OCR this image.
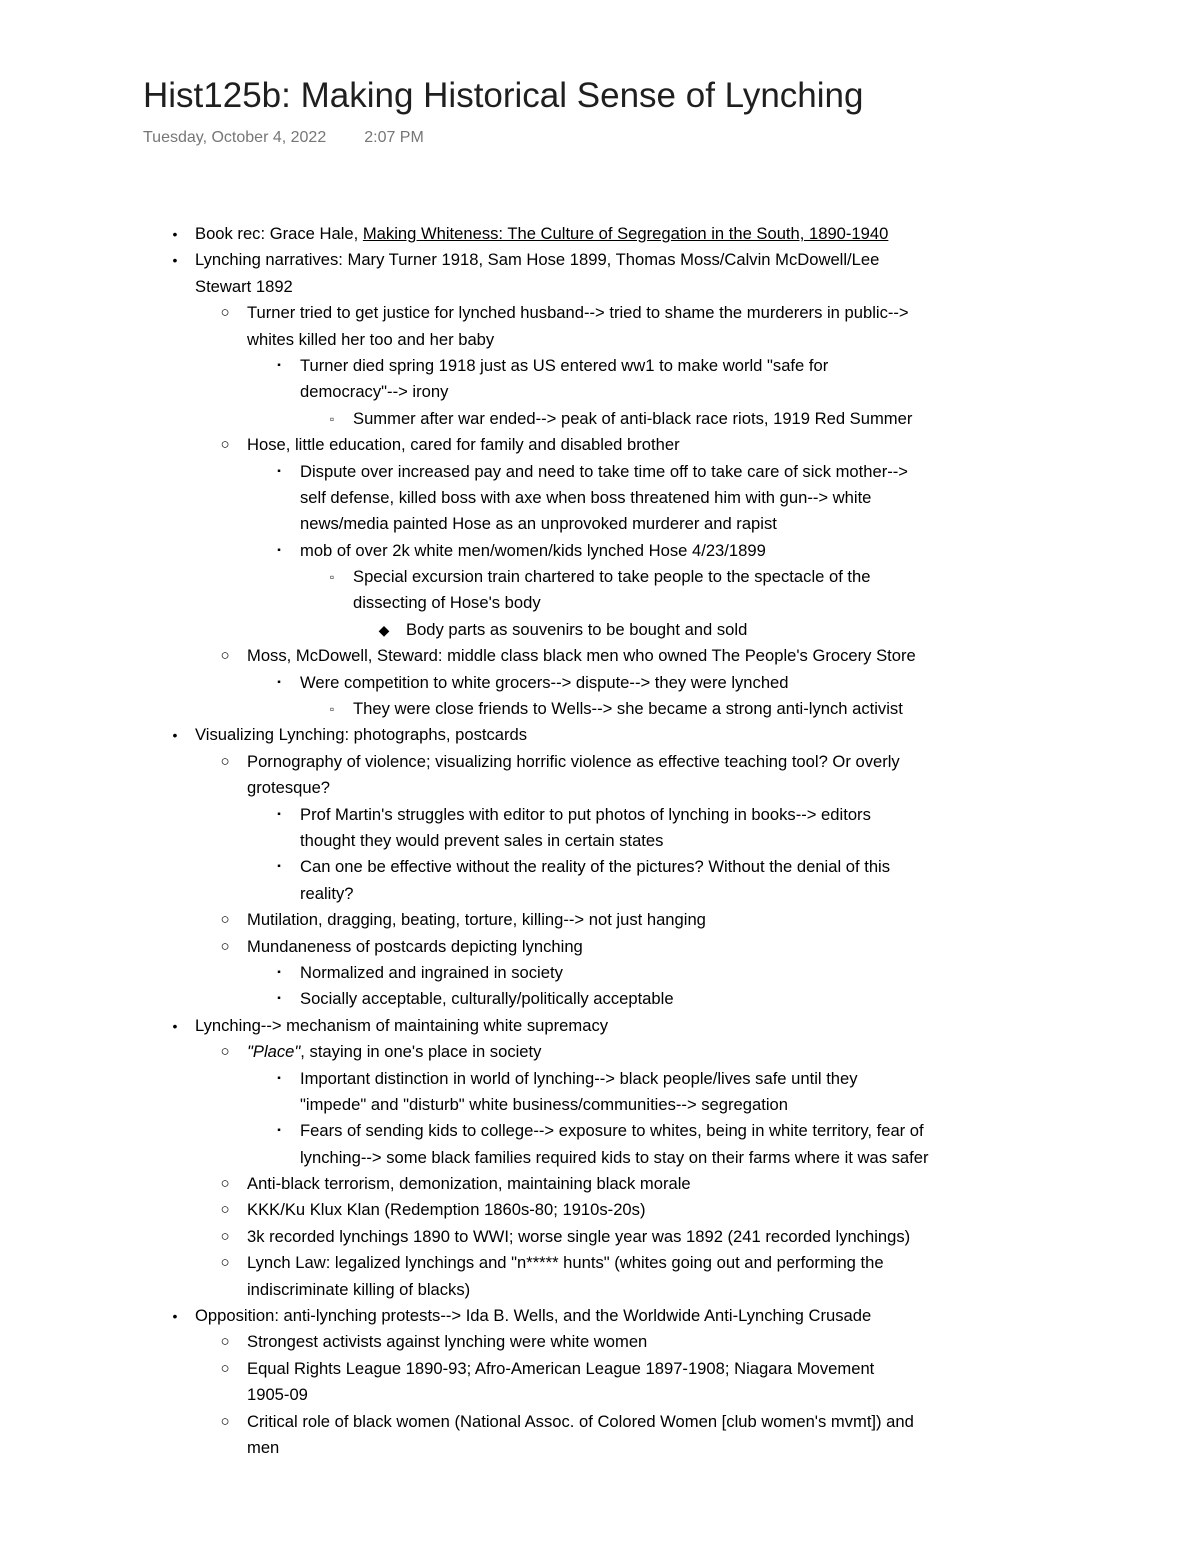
Hist125b: Making Historical Sense of Lynching
Tuesday, October 4, 2022 2:07 PM
• Book rec: Grace Hale, Making Whiteness: The Culture of Segregation in the South, 1890-1940
• Lynching narratives: Mary Turner 1918, Sam Hose 1899, Thomas Moss/Calvin McDowell/Lee
Stewart 1892
○ Turner tried to get justice for lynched husband--> tried to shame the murderers in public-->
whites killed her too and her baby
▪	Turner died spring 1918 just as US entered ww1 to make world "safe for
democracy"--> irony
▫ Summer after war ended--> peak of anti-black race riots, 1919 Red Summer
○ Hose, little education, cared for family and disabled brother
▪	Dispute over increased pay and need to take time off to take care of sick mother-->
self defense, killed boss with axe when boss threatened him with gun--> white
news/media painted Hose as an unprovoked murderer and rapist
▪	mob of over 2k white men/women/kids lynched Hose 4/23/1899
▫ Special excursion train chartered to take people to the spectacle of the
dissecting of Hose's body
◆ Body parts as souvenirs to be bought and sold
○ Moss, McDowell, Steward: middle class black men who owned The People's Grocery Store
▪	Were competition to white grocers--> dispute--> they were lynched
▫ They were close friends to Wells--> she became a strong anti-lynch activist
• Visualizing Lynching: photographs, postcards
○ Pornography of violence; visualizing horrific violence as effective teaching tool? Or overly
grotesque?
▪	Prof Martin's struggles with editor to put photos of lynching in books--> editors
thought they would prevent sales in certain states
▪	Can one be effective without the reality of the pictures? Without the denial of this
reality?
○ Mutilation, dragging, beating, torture, killing--> not just hanging
○ Mundaneness of postcards depicting lynching
▪	Normalized and ingrained in society
▪	Socially acceptable, culturally/politically acceptable
• Lynching--> mechanism of maintaining white supremacy
○ "Place", staying in one's place in society
▪	Important distinction in world of lynching--> black people/lives safe until they
"impede" and "disturb" white business/communities--> segregation
▪	Fears of sending kids to college--> exposure to whites, being in white territory, fear of
lynching--> some black families required kids to stay on their farms where it was safer
○ Anti-black terrorism, demonization, maintaining black morale
○ KKK/Ku Klux Klan (Redemption 1860s-80; 1910s-20s)
○ 3k recorded lynchings 1890 to WWI; worse single year was 1892 (241 recorded lynchings)
○ Lynch Law: legalized lynchings and "n***** hunts" (whites going out and performing the
indiscriminate killing of blacks)
• Opposition: anti-lynching protests--> Ida B. Wells, and the Worldwide Anti-Lynching Crusade
○ Strongest activists against lynching were white women
○ Equal Rights League 1890-93; Afro-American League 1897-1908; Niagara Movement
1905-09
○ Critical role of black women (National Assoc. of Colored Women [club women's mvmt]) and
men
